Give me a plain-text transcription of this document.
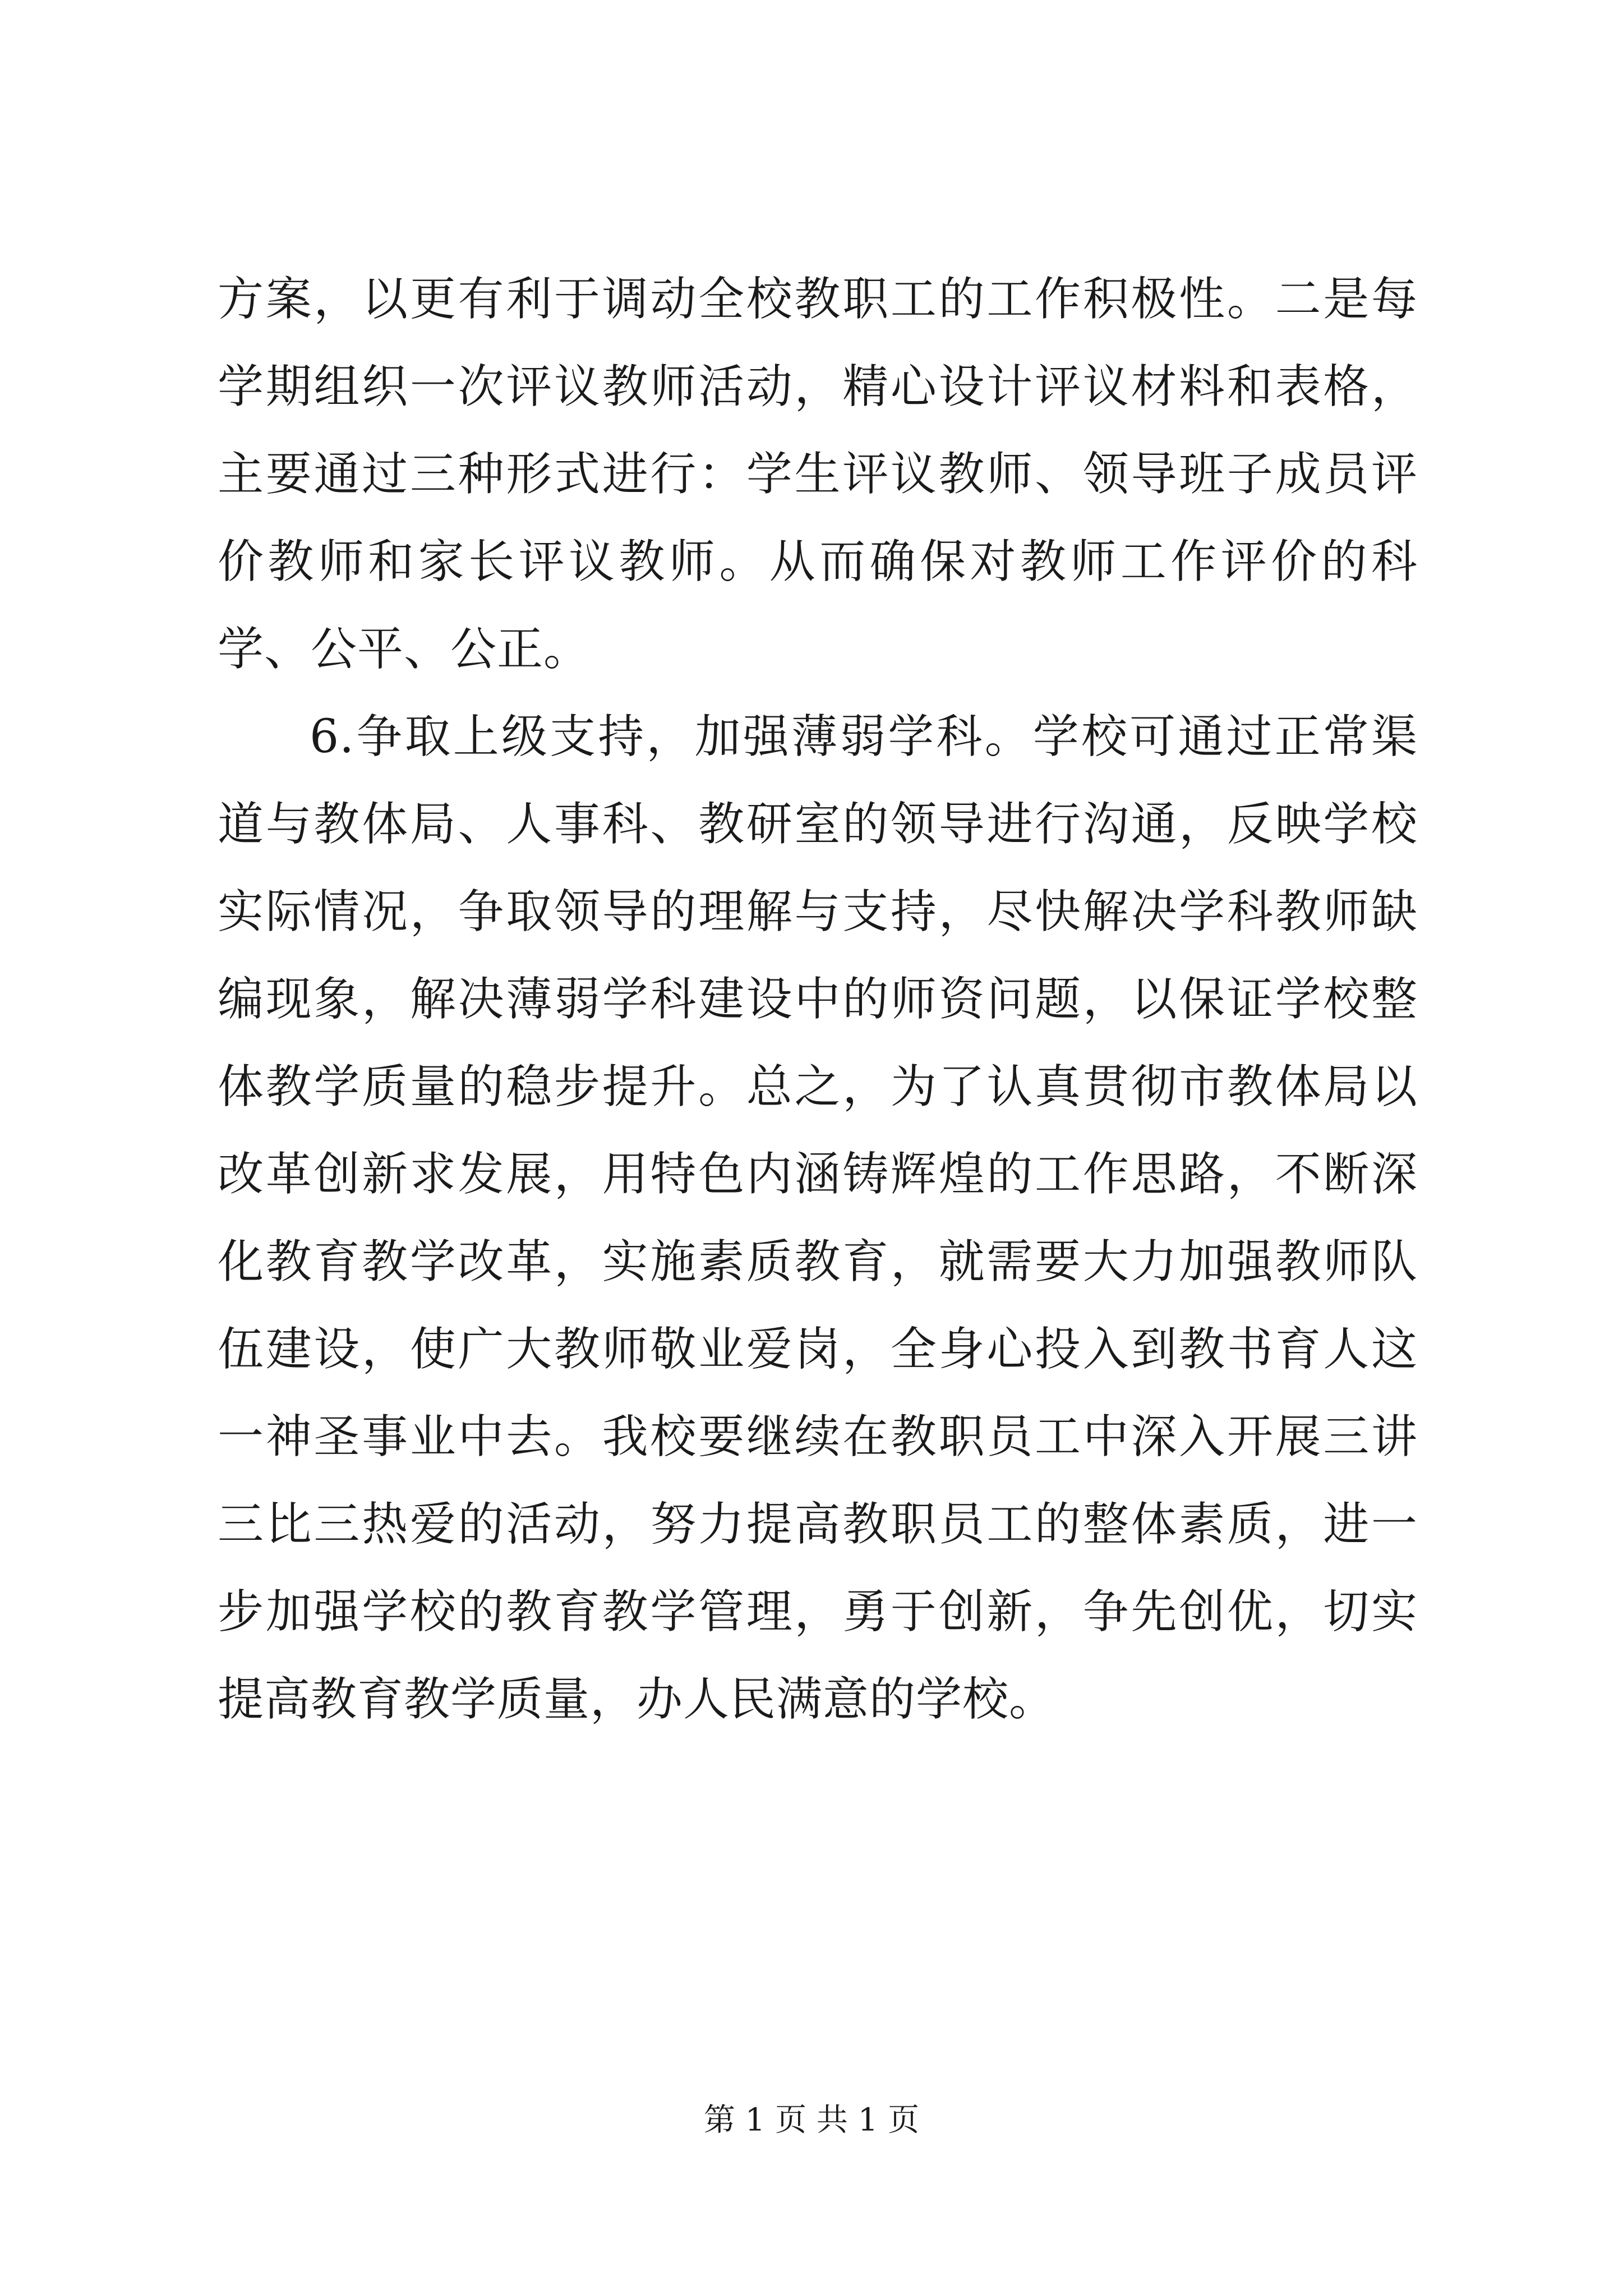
方案，以更有利于调动全校教职工的工作积极性。二是每学期组织一次评议教师活动，精心设计评议材料和表格，主要通过三种形式进行：学生评议教师、领导班子成员评价教师和家长评议教师。从而确保对教师工作评价的科学、公平、公正。

6.争取上级支持，加强薄弱学科。学校可通过正常渠道与教体局、人事科、教研室的领导进行沟通，反映学校实际情况，争取领导的理解与支持，尽快解决学科教师缺编现象，解决薄弱学科建设中的师资问题，以保证学校整体教学质量的稳步提升。总之，为了认真贯彻市教体局以改革创新求发展，用特色内涵铸辉煌的工作思路，不断深化教育教学改革，实施素质教育，就需要大力加强教师队伍建设，使广大教师敬业爱岗，全身心投入到教书育人这一神圣事业中去。我校要继续在教职员工中深入开展三讲三比三热爱的活动，努力提高教职员工的整体素质，进一步加强学校的教育教学管理，勇于创新，争先创优，切实提高教育教学质量，办人民满意的学校。

第 1 页 共 1 页
